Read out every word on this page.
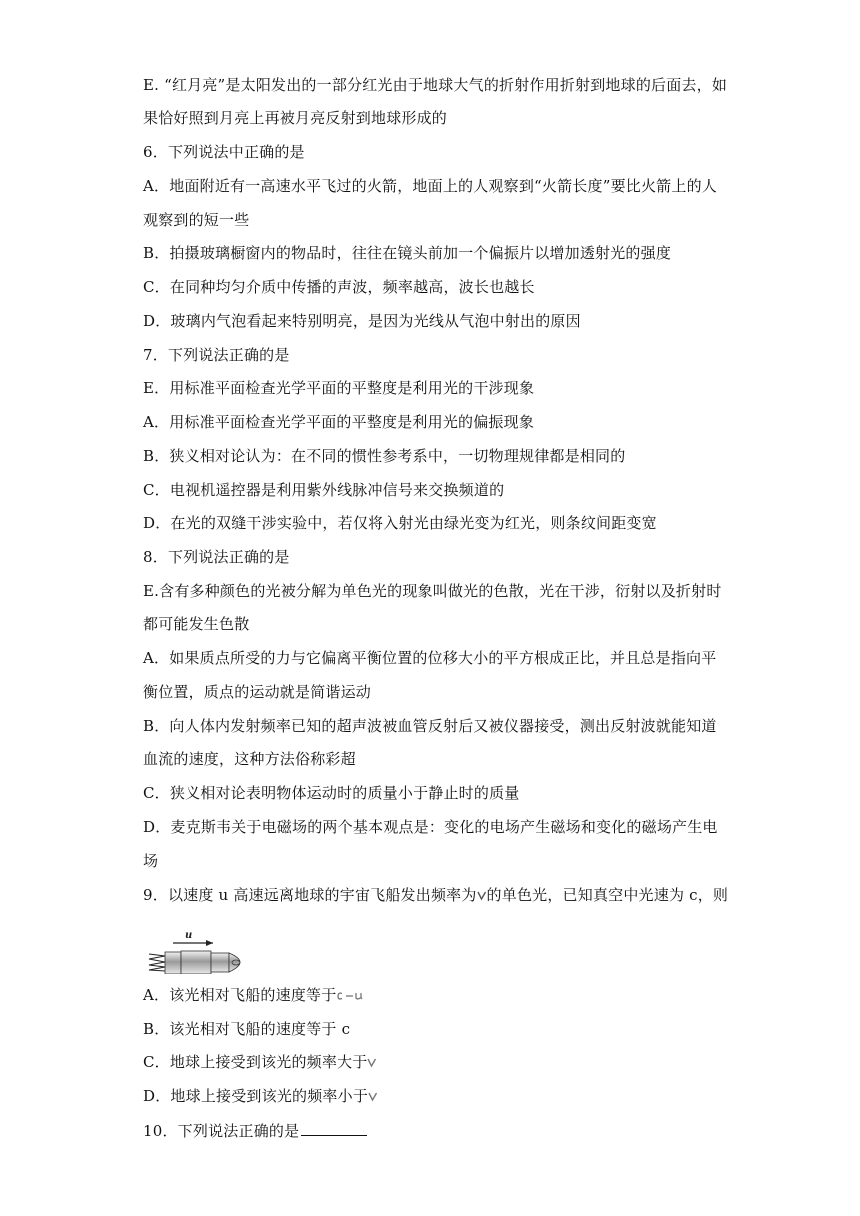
E. “红月亮”是太阳发出的一部分红光由于地球大气的折射作用折射到地球的后面去，如
果恰好照到月亮上再被月亮反射到地球形成的
6．下列说法中正确的是
A．地面附近有一高速水平飞过的火箭，地面上的人观察到“火箭长度”要比火箭上的人
观察到的短一些
B．拍摄玻璃橱窗内的物品时，往往在镜头前加一个偏振片以增加透射光的强度
C．在同种均匀介质中传播的声波，频率越高，波长也越长
D．玻璃内气泡看起来特别明亮，是因为光线从气泡中射出的原因
7．下列说法正确的是
E．用标准平面检查光学平面的平整度是利用光的干涉现象
A．用标准平面检查光学平面的平整度是利用光的偏振现象
B．狭义相对论认为：在不同的惯性参考系中，一切物理规律都是相同的
C．电视机遥控器是利用紫外线脉冲信号来交换频道的
D．在光的双缝干涉实验中，若仅将入射光由绿光变为红光，则条纹间距变宽
8．下列说法正确的是
E.含有多种颜色的光被分解为单色光的现象叫做光的色散，光在干涉，衍射以及折射时
都可能发生色散
A．如果质点所受的力与它偏离平衡位置的位移大小的平方根成正比，并且总是指向平
衡位置，质点的运动就是简谐运动
B．向人体内发射频率已知的超声波被血管反射后又被仪器接受，测出反射波就能知道
血流的速度，这种方法俗称彩超
C．狭义相对论表明物体运动时的质量小于静止时的质量
D．麦克斯韦关于电磁场的两个基本观点是：变化的电场产生磁场和变化的磁场产生电
场
9．以速度 u 高速远离地球的宇宙飞船发出频率为 的单色光，已知真空中光速为 c，则
u
A．该光相对飞船的速度等于
B．该光相对飞船的速度等于 c
C．地球上接受到该光的频率大于
D．地球上接受到该光的频率小于
10．下列说法正确的是
